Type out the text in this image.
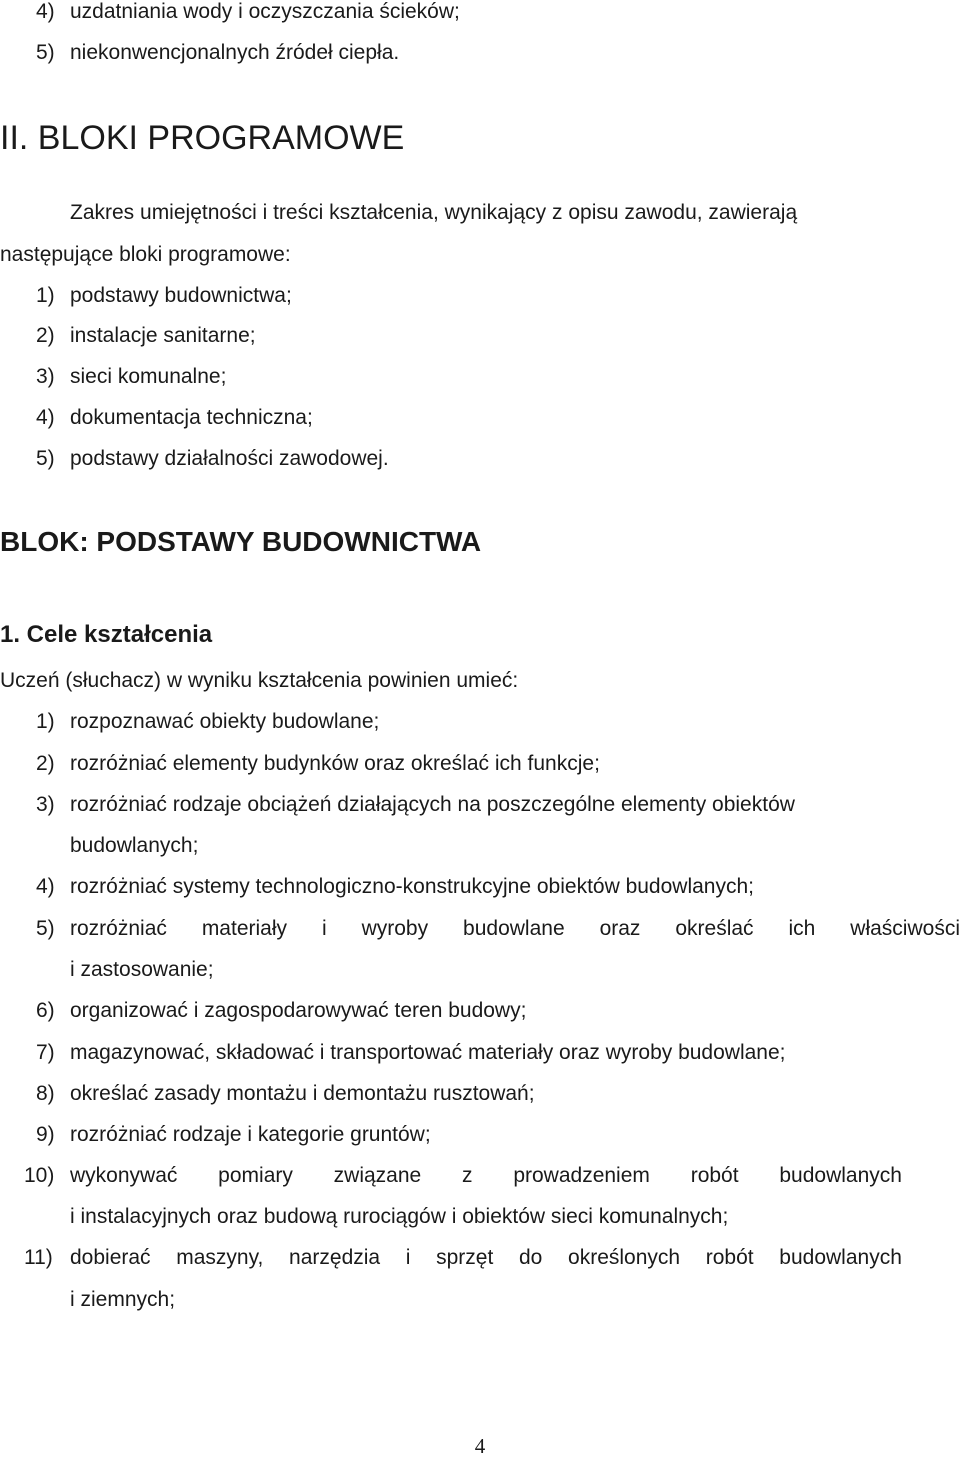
4) uzdatniania wody i oczyszczania ścieków;
5) niekonwencjonalnych źródeł ciepła.
II. BLOKI PROGRAMOWE
Zakres umiejętności i treści kształcenia, wynikający z opisu zawodu, zawierają
następujące bloki programowe:
1) podstawy budownictwa;
2) instalacje sanitarne;
3) sieci komunalne;
4) dokumentacja techniczna;
5) podstawy działalności zawodowej.
BLOK: PODSTAWY BUDOWNICTWA
1. Cele kształcenia
Uczeń (słuchacz) w wyniku kształcenia powinien umieć:
1) rozpoznawać obiekty budowlane;
2) rozróżniać elementy budynków oraz określać ich funkcje;
3) rozróżniać rodzaje obciążeń działających na poszczególne elementy obiektów
budowlanych;
4) rozróżniać systemy technologiczno-konstrukcyjne obiektów budowlanych;
5) rozróżniać materiały i wyroby budowlane oraz określać ich właściwości
i zastosowanie;
6) organizować i zagospodarowywać teren budowy;
7) magazynować, składować i transportować materiały oraz wyroby budowlane;
8) określać zasady montażu i demontażu rusztowań;
9) rozróżniać rodzaje i kategorie gruntów;
10) wykonywać pomiary związane z prowadzeniem robót budowlanych
i instalacyjnych oraz budową rurociągów i obiektów sieci komunalnych;
11) dobierać maszyny, narzędzia i sprzęt do określonych robót budowlanych
i ziemnych;
4
